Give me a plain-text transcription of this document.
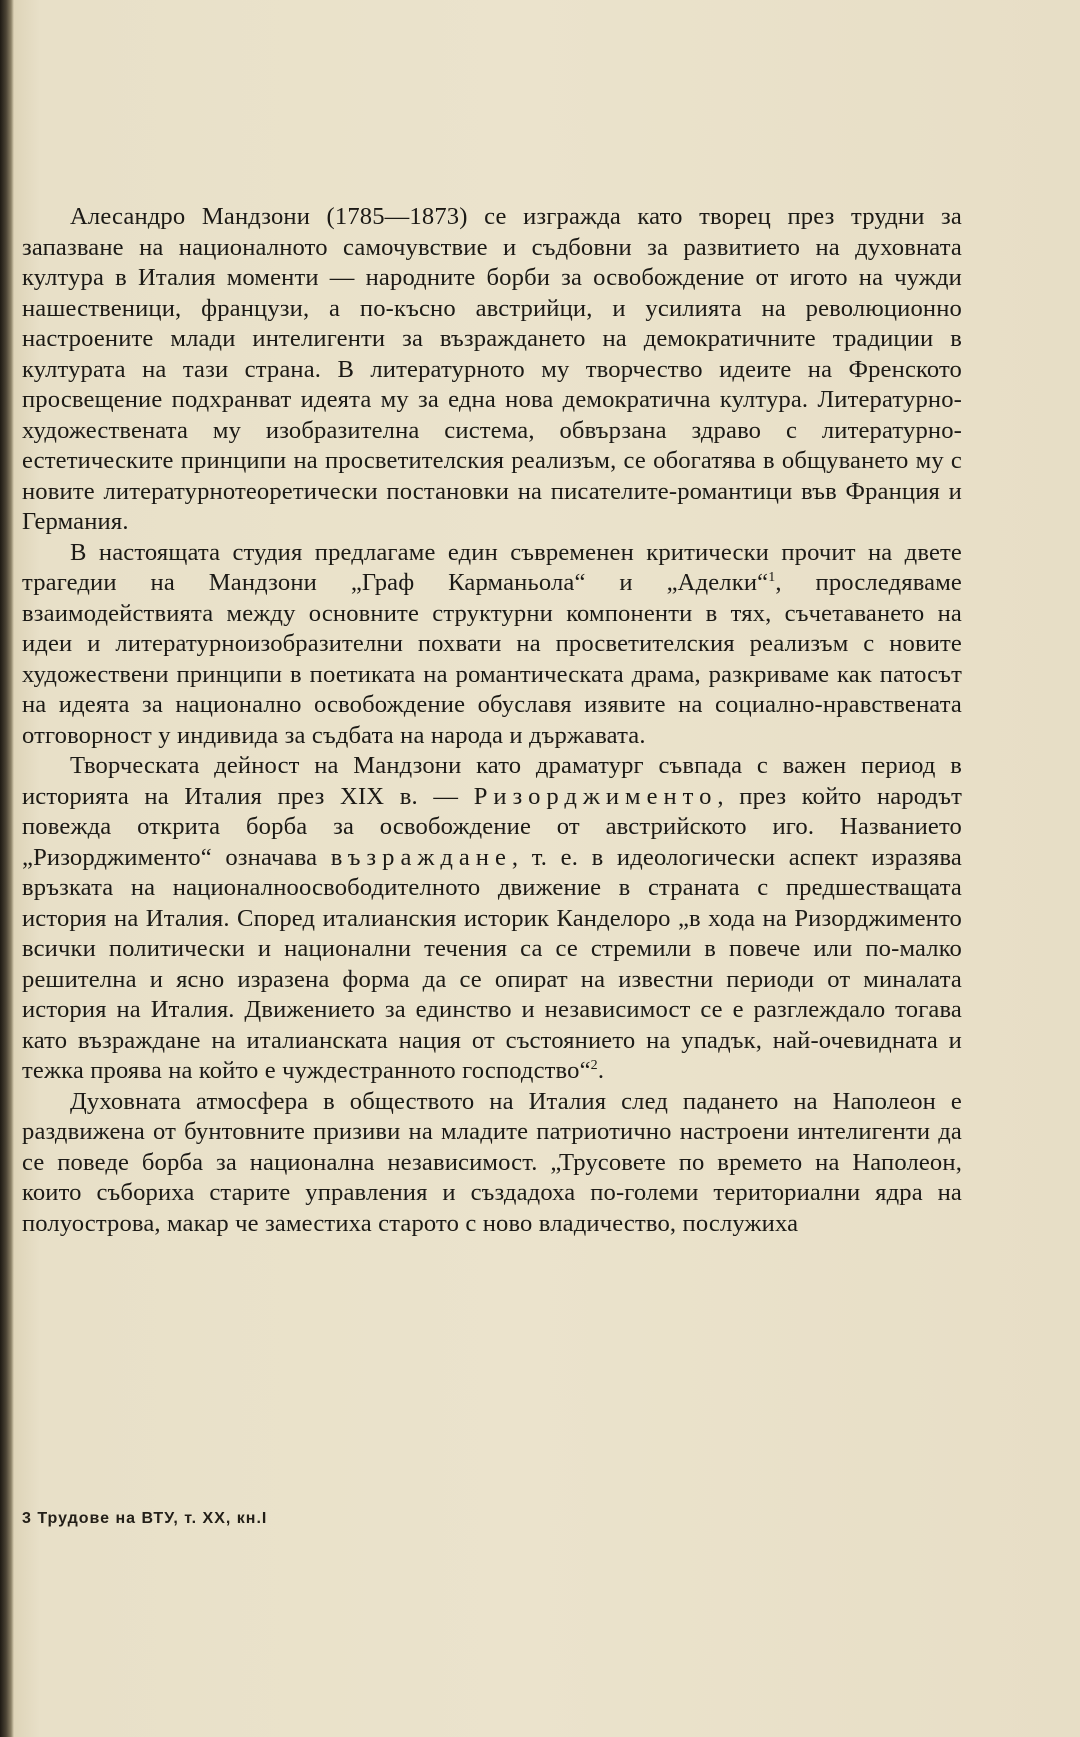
Алесандро Мандзони (1785—1873) се изгражда като творец през трудни за запазване на националното самочувствие и съдбовни за развитието на духовната култура в Италия моменти — народните борби за освобождение от игото на чужди нашественици, французи, а по-късно австрийци, и усилията на революционно настроените млади интелигенти за възраждането на демократичните традиции в културата на тази страна. В литературното му творчество идеите на Френското просвещение подхранват идеята му за една нова демократична култура. Литературно-художествената му изобразителна система, обвързана здраво с литературно-естетическите принципи на просветителския реализъм, се обогатява в общуването му с новите литературнотеоретически постановки на писателите-романтици във Франция и Германия.

В настоящата студия предлагаме един съвременен критически прочит на двете трагедии на Мандзони „Граф Карманьола“ и „Аделки“$^1$, проследяваме взаимодействията между основните структурни компоненти в тях, съчетаването на идеи и литературноизобразителни похвати на просветителския реализъм с новите художествени принципи в поетиката на романтическата драма, разкриваме как патосът на идеята за национално освобождение обуславя изявите на социално-нравствената отговорност у индивида за съдбата на народа и държавата.

Творческата дейност на Мандзони като драматург съвпада с важен период в историята на Италия през XIX в. — Ризорджименто, през който народът повежда открита борба за освобождение от австрийското иго. Названието „Ризорджименто“ означава възраждане, т. е. в идеологически аспект изразява връзката на националноосвободителното движение в страната с предшестващата история на Италия. Според италианския историк Канделоро „в хода на Ризорджименто всички политически и национални течения са се стремили в повече или по-малко решителна и ясно изразена форма да се опират на известни периоди от миналата история на Италия. Движението за единство и независимост се е разглеждало тогава като възраждане на италианската нация от състоянието на упадък, най-очевидната и тежка проява на който е чуждестранното господство“$^2$.

Духовната атмосфера в обществото на Италия след падането на Наполеон е раздвижена от бунтовните призиви на младите патриотично настроени интелигенти да се поведе борба за национална независимост. „Трусовете по времето на Наполеон, които събориха старите управления и създадоха по-големи териториални ядра на полуострова, макар че заместиха старото с ново владичество, послужиха

3 Трудове на ВТУ, т. XX, кн.I
